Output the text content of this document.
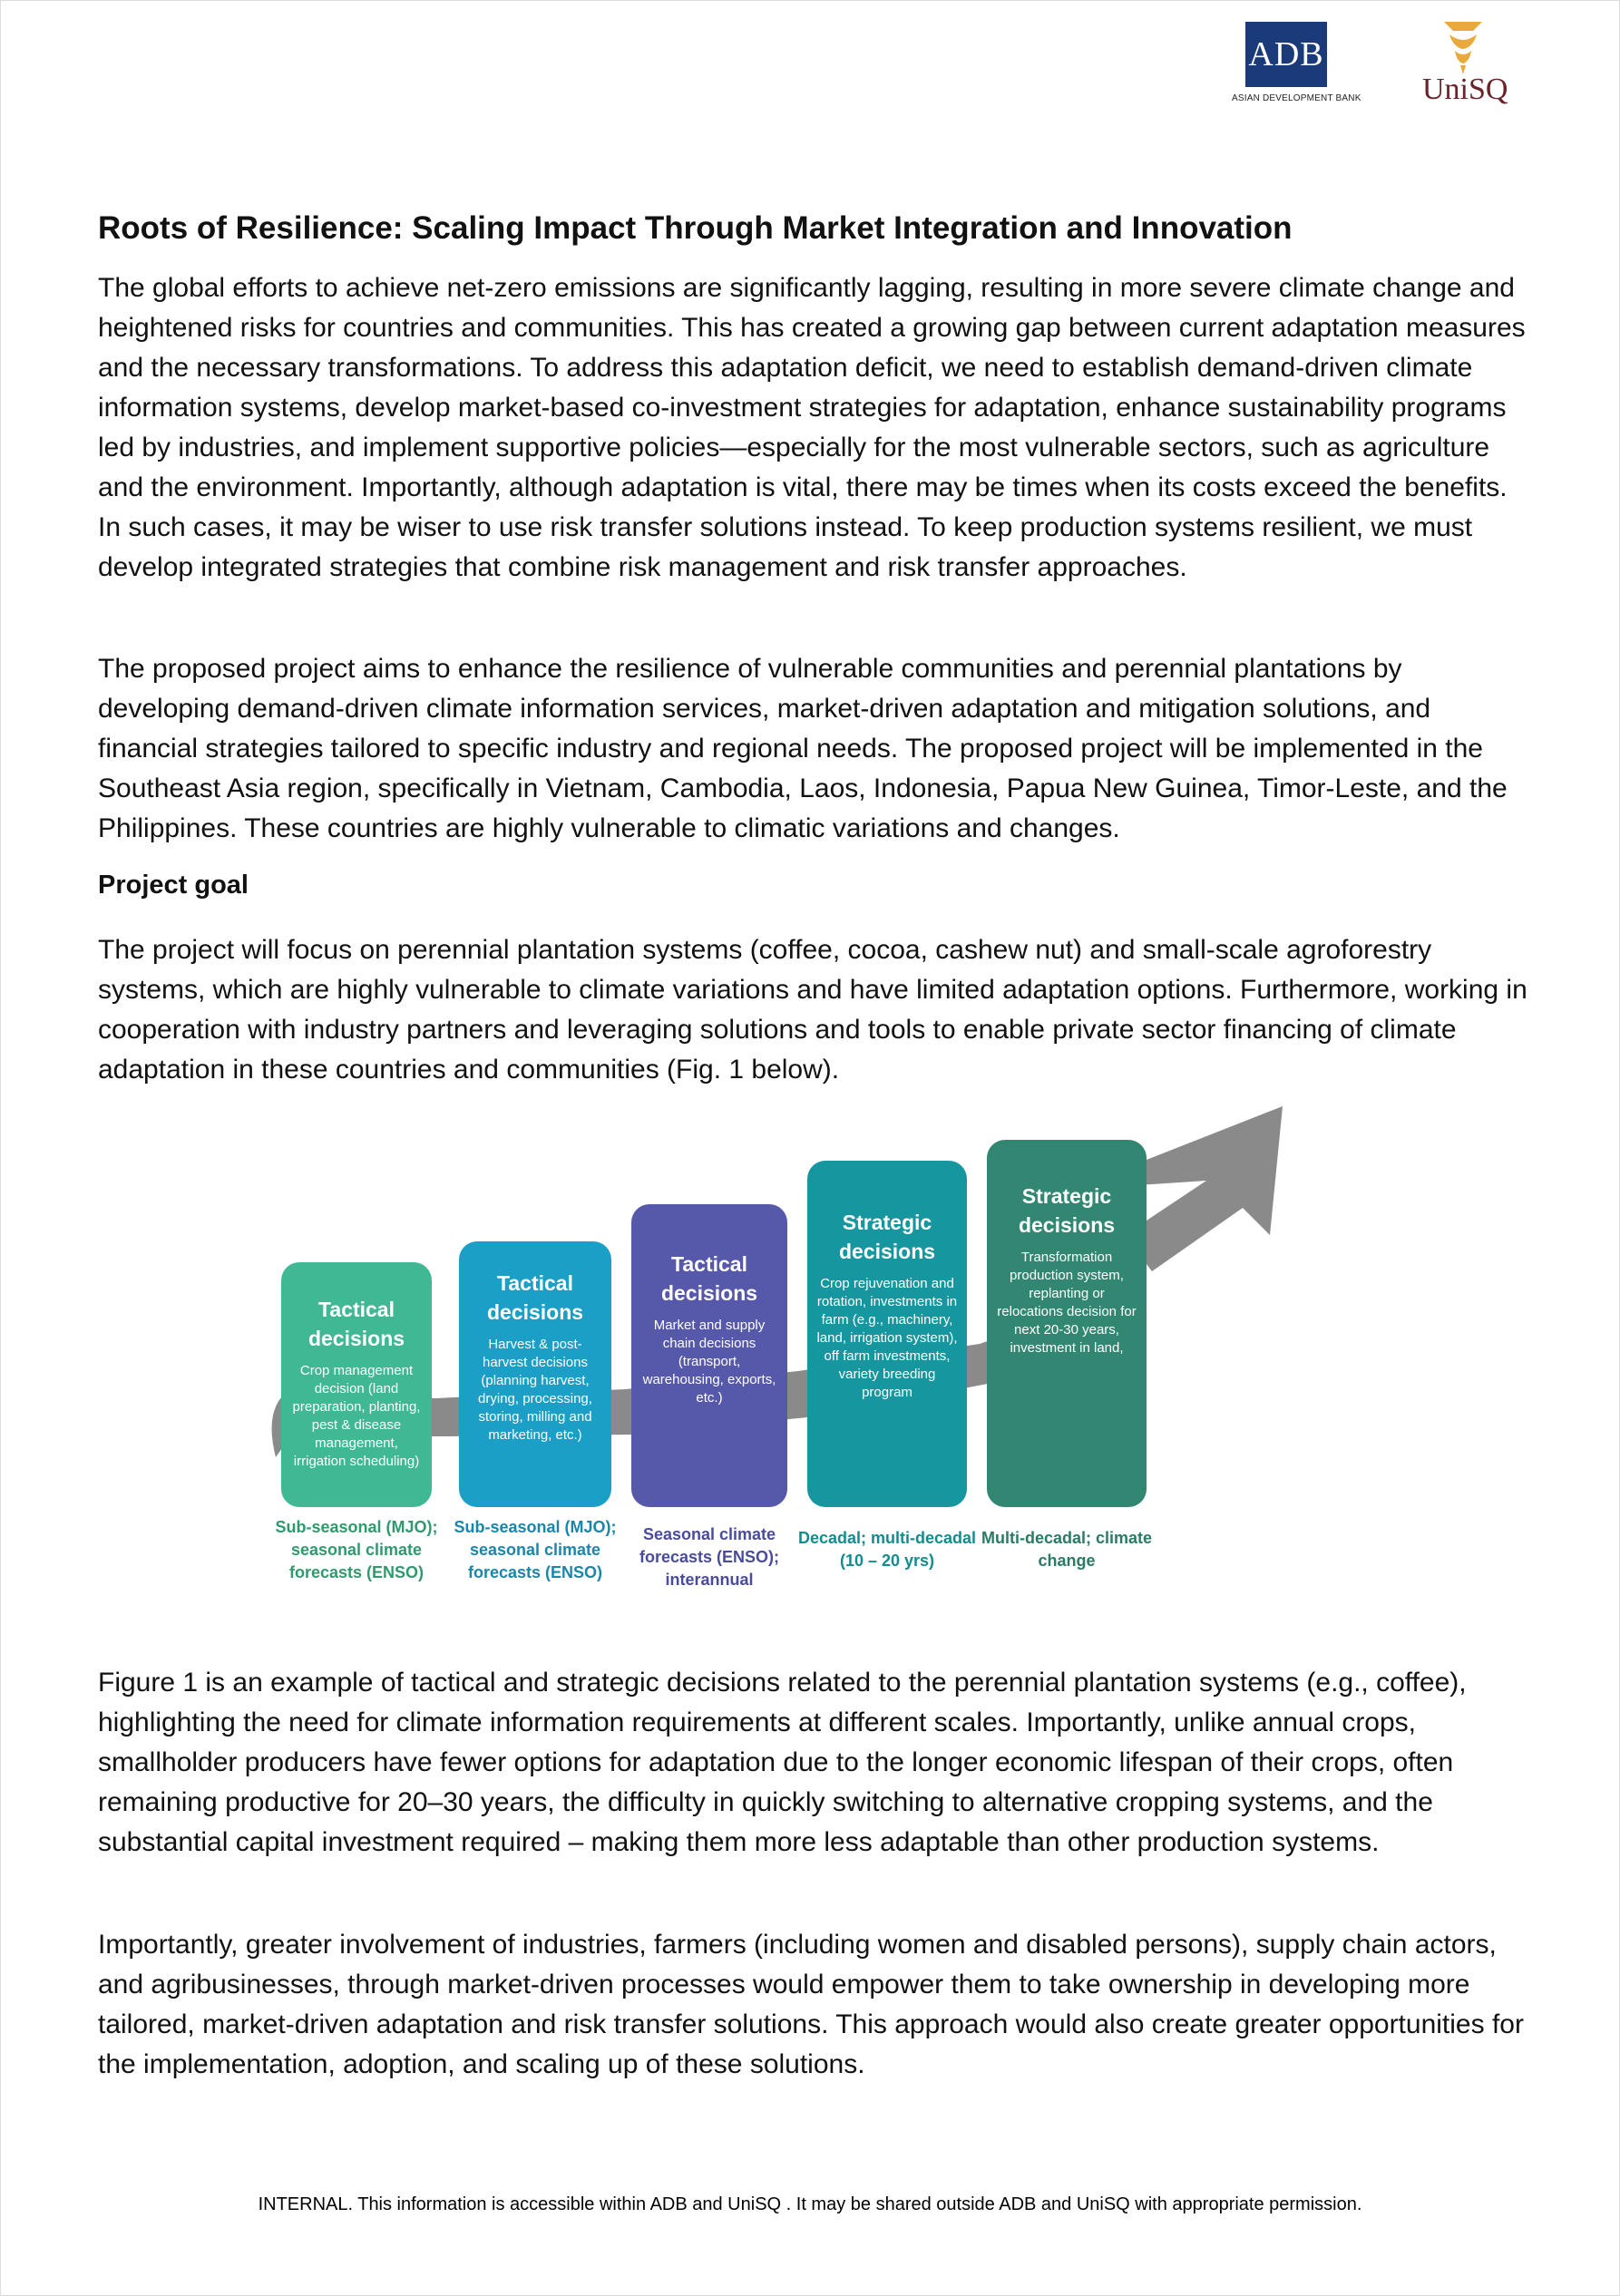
ADB
ASIAN DEVELOPMENT BANK UniSQ
Roots of Resilience: Scaling Impact Through Market Integration and Innovation

The global efforts to achieve net-zero emissions are significantly lagging, resulting in more severe climate change and heightened risks for countries and communities. This has created a growing gap between current adaptation measures and the necessary transformations. To address this adaptation deficit, we need to establish demand-driven climate information systems, develop market-based co-investment strategies for adaptation, enhance sustainability programs led by industries, and implement supportive policies—especially for the most vulnerable sectors, such as agriculture and the environment. Importantly, although adaptation is vital, there may be times when its costs exceed the benefits. In such cases, it may be wiser to use risk transfer solutions instead. To keep production systems resilient, we must develop integrated strategies that combine risk management and risk transfer approaches.

The proposed project aims to enhance the resilience of vulnerable communities and perennial plantations by developing demand-driven climate information services, market-driven adaptation and mitigation solutions, and financial strategies tailored to specific industry and regional needs. The proposed project will be implemented in the Southeast Asia region, specifically in Vietnam, Cambodia, Laos, Indonesia, Papua New Guinea, Timor-Leste, and the Philippines. These countries are highly vulnerable to climatic variations and changes.

Project goal

The project will focus on perennial plantation systems (coffee, cocoa, cashew nut) and small-scale agroforestry systems, which are highly vulnerable to climate variations and have limited adaptation options. Furthermore, working in cooperation with industry partners and leveraging solutions and tools to enable private sector financing of climate adaptation in these countries and communities (Fig. 1 below).

Tactical decisions
Crop management decision (land preparation, planting, pest & disease management, irrigation scheduling)
Tactical decisions
Harvest & post-harvest decisions (planning harvest, drying, processing, storing, milling and marketing, etc.)
Tactical decisions
Market and supply chain decisions (transport, warehousing, exports, etc.)
Strategic decisions
Crop rejuvenation and rotation, investments in farm (e.g., machinery, land, irrigation system), off farm investments, variety breeding program
Strategic decisions
Transformation production system, replanting or relocations decision for next 20-30 years, investment in land,
Sub-seasonal (MJO); seasonal climate forecasts (ENSO)
Sub-seasonal (MJO); seasonal climate forecasts (ENSO)
Seasonal climate forecasts (ENSO); interannual
Decadal; multi-decadal (10 – 20 yrs)
Multi-decadal; climate change

Figure 1 is an example of tactical and strategic decisions related to the perennial plantation systems (e.g., coffee), highlighting the need for climate information requirements at different scales. Importantly, unlike annual crops, smallholder producers have fewer options for adaptation due to the longer economic lifespan of their crops, often remaining productive for 20–30 years, the difficulty in quickly switching to alternative cropping systems, and the substantial capital investment required – making them more less adaptable than other production systems.

Importantly, greater involvement of industries, farmers (including women and disabled persons), supply chain actors, and agribusinesses, through market-driven processes would empower them to take ownership in developing more tailored, market-driven adaptation and risk transfer solutions. This approach would also create greater opportunities for the implementation, adoption, and scaling up of these solutions.

INTERNAL. This information is accessible within ADB and UniSQ . It may be shared outside ADB and UniSQ with appropriate permission.
